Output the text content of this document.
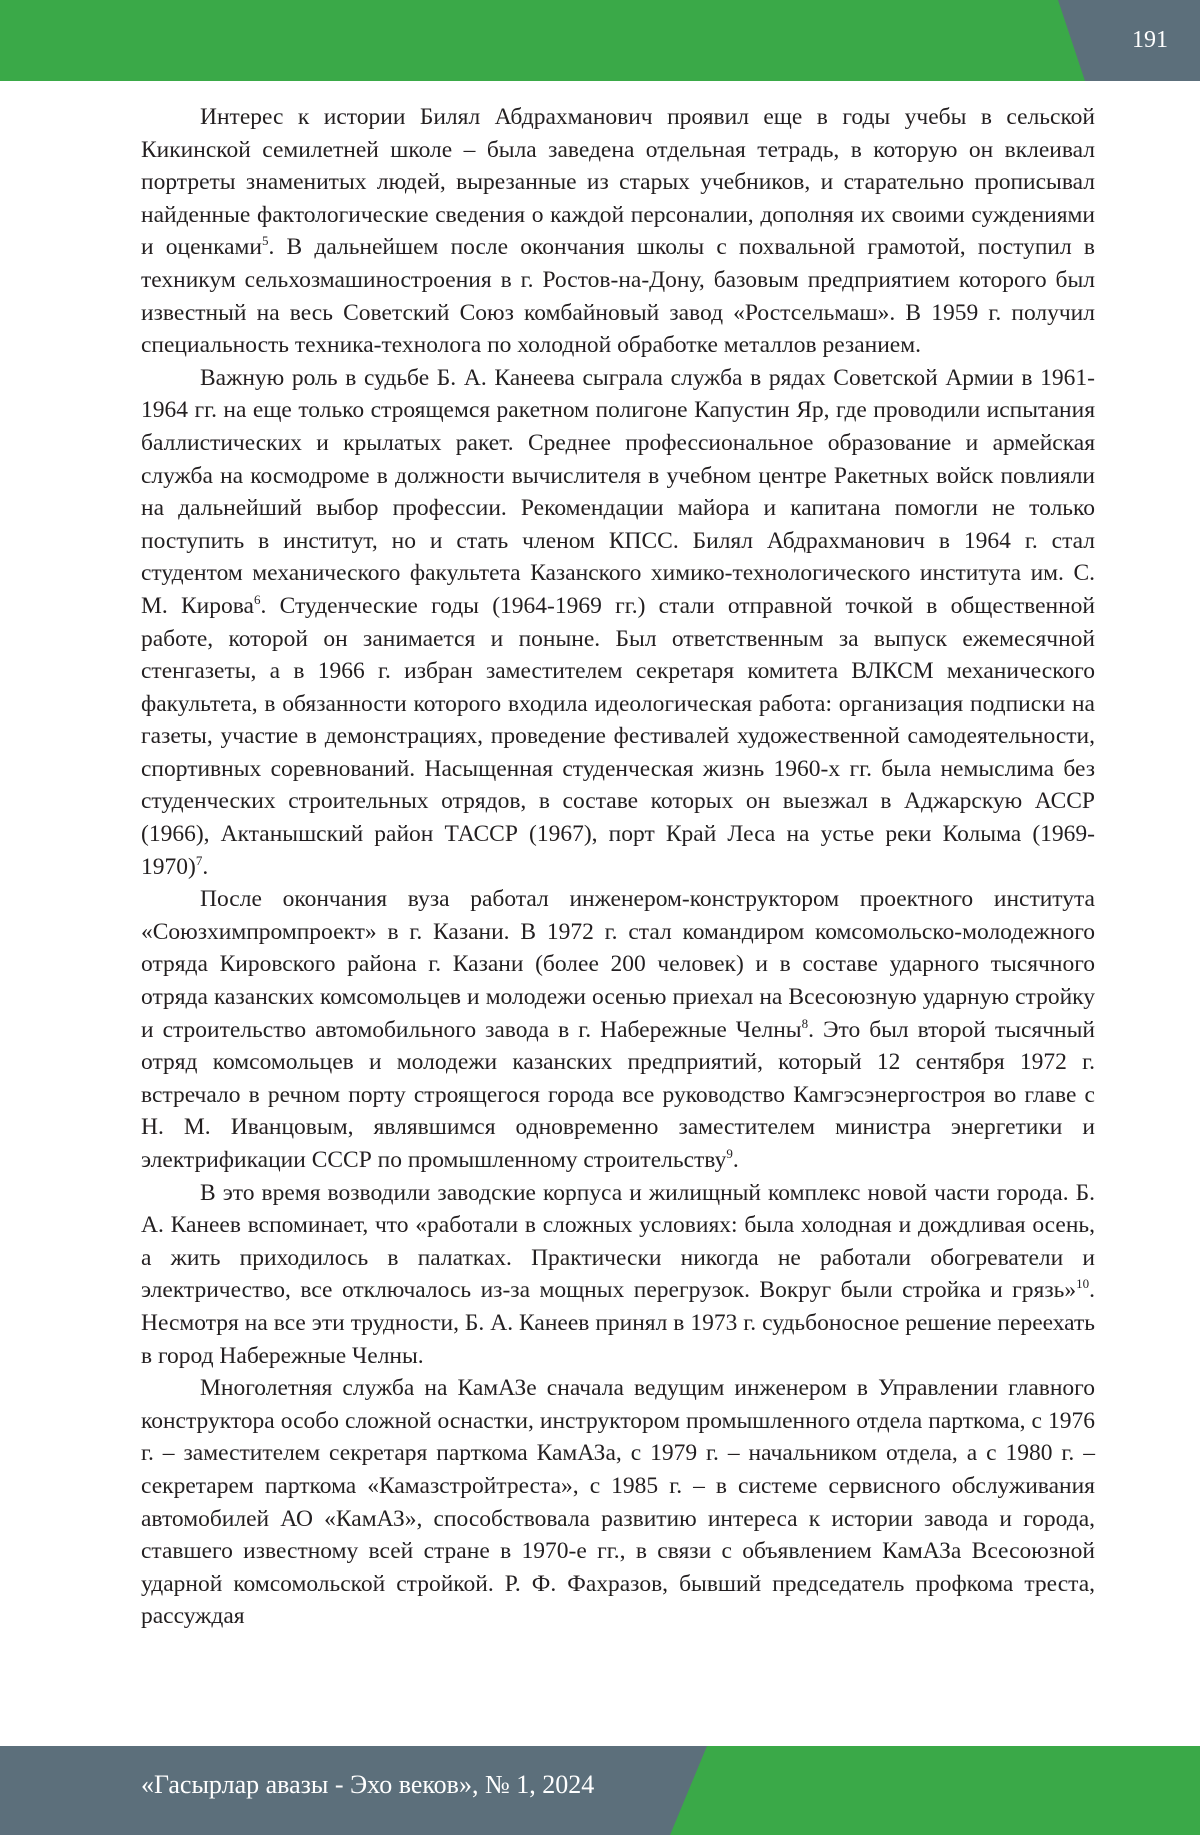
191

Интерес к истории Билял Абдрахманович проявил еще в годы учебы в сельской Кикинской семилетней школе – была заведена отдельная тетрадь, в которую он вклеивал портреты знаменитых людей, вырезанные из старых учебников, и старательно прописывал найденные фактологические сведения о каждой персоналии, дополняя их своими суждениями и оценками$^5$. В дальнейшем после окончания школы с похвальной грамотой, поступил в техникум сельхозмашиностроения в г. Ростов-на-Дону, базовым предприятием которого был известный на весь Советский Союз комбайновый завод «Ростсельмаш». В 1959 г. получил специальность техника-технолога по холодной обработке металлов резанием.

Важную роль в судьбе Б. А. Канеева сыграла служба в рядах Советской Армии в 1961-1964 гг. на еще только строящемся ракетном полигоне Капустин Яр, где проводили испытания баллистических и крылатых ракет. Среднее профессиональное образование и армейская служба на космодроме в должности вычислителя в учебном центре Ракетных войск повлияли на дальнейший выбор профессии. Рекомендации майора и капитана помогли не только поступить в институт, но и стать членом КПСС. Билял Абдрахманович в 1964 г. стал студентом механического факультета Казанского химико-технологического института им. С. М. Кирова$^6$. Студенческие годы (1964-1969 гг.) стали отправной точкой в общественной работе, которой он занимается и поныне. Был ответственным за выпуск ежемесячной стенгазеты, а в 1966 г. избран заместителем секретаря комитета ВЛКСМ механического факультета, в обязанности которого входила идеологическая работа: организация подписки на газеты, участие в демонстрациях, проведение фестивалей художественной самодеятельности, спортивных соревнований. Насыщенная студенческая жизнь 1960-х гг. была немыслима без студенческих строительных отрядов, в составе которых он выезжал в Аджарскую АССР (1966), Актанышский район ТАССР (1967), порт Край Леса на устье реки Колыма (1969-1970)$^7$.

После окончания вуза работал инженером-конструктором проектного института «Союзхимпромпроект» в г. Казани. В 1972 г. стал командиром комсомольско-молодежного отряда Кировского района г. Казани (более 200 человек) и в составе ударного тысячного отряда казанских комсомольцев и молодежи осенью приехал на Всесоюзную ударную стройку и строительство автомобильного завода в г. Набережные Челны$^8$. Это был второй тысячный отряд комсомольцев и молодежи казанских предприятий, который 12 сентября 1972 г. встречало в речном порту строящегося города все руководство Камгэсэнергостроя во главе с Н. М. Иванцовым, являвшимся одновременно заместителем министра энергетики и электрификации СССР по промышленному строительству$^9$.

В это время возводили заводские корпуса и жилищный комплекс новой части города. Б. А. Канеев вспоминает, что «работали в сложных условиях: была холодная и дождливая осень, а жить приходилось в палатках. Практически никогда не работали обогреватели и электричество, все отключалось из-за мощных перегрузок. Вокруг были стройка и грязь»$^{10}$. Несмотря на все эти трудности, Б. А. Канеев принял в 1973 г. судьбоносное решение переехать в город Набережные Челны.

Многолетняя служба на КамАЗе сначала ведущим инженером в Управлении главного конструктора особо сложной оснастки, инструктором промышленного отдела парткома, с 1976 г. – заместителем секретаря парткома КамАЗа, с 1979 г. – начальником отдела, а с 1980 г. – секретарем парткома «Камазстройтреста», с 1985 г. – в системе сервисного обслуживания автомобилей АО «КамАЗ», способствовала развитию интереса к истории завода и города, ставшего известному всей стране в 1970-е гг., в связи с объявлением КамАЗа Всесоюзной ударной комсомольской стройкой. Р. Ф. Фахразов, бывший председатель профкома треста, рассуждая

«Гасырлар авазы - Эхо веков», № 1, 2024
